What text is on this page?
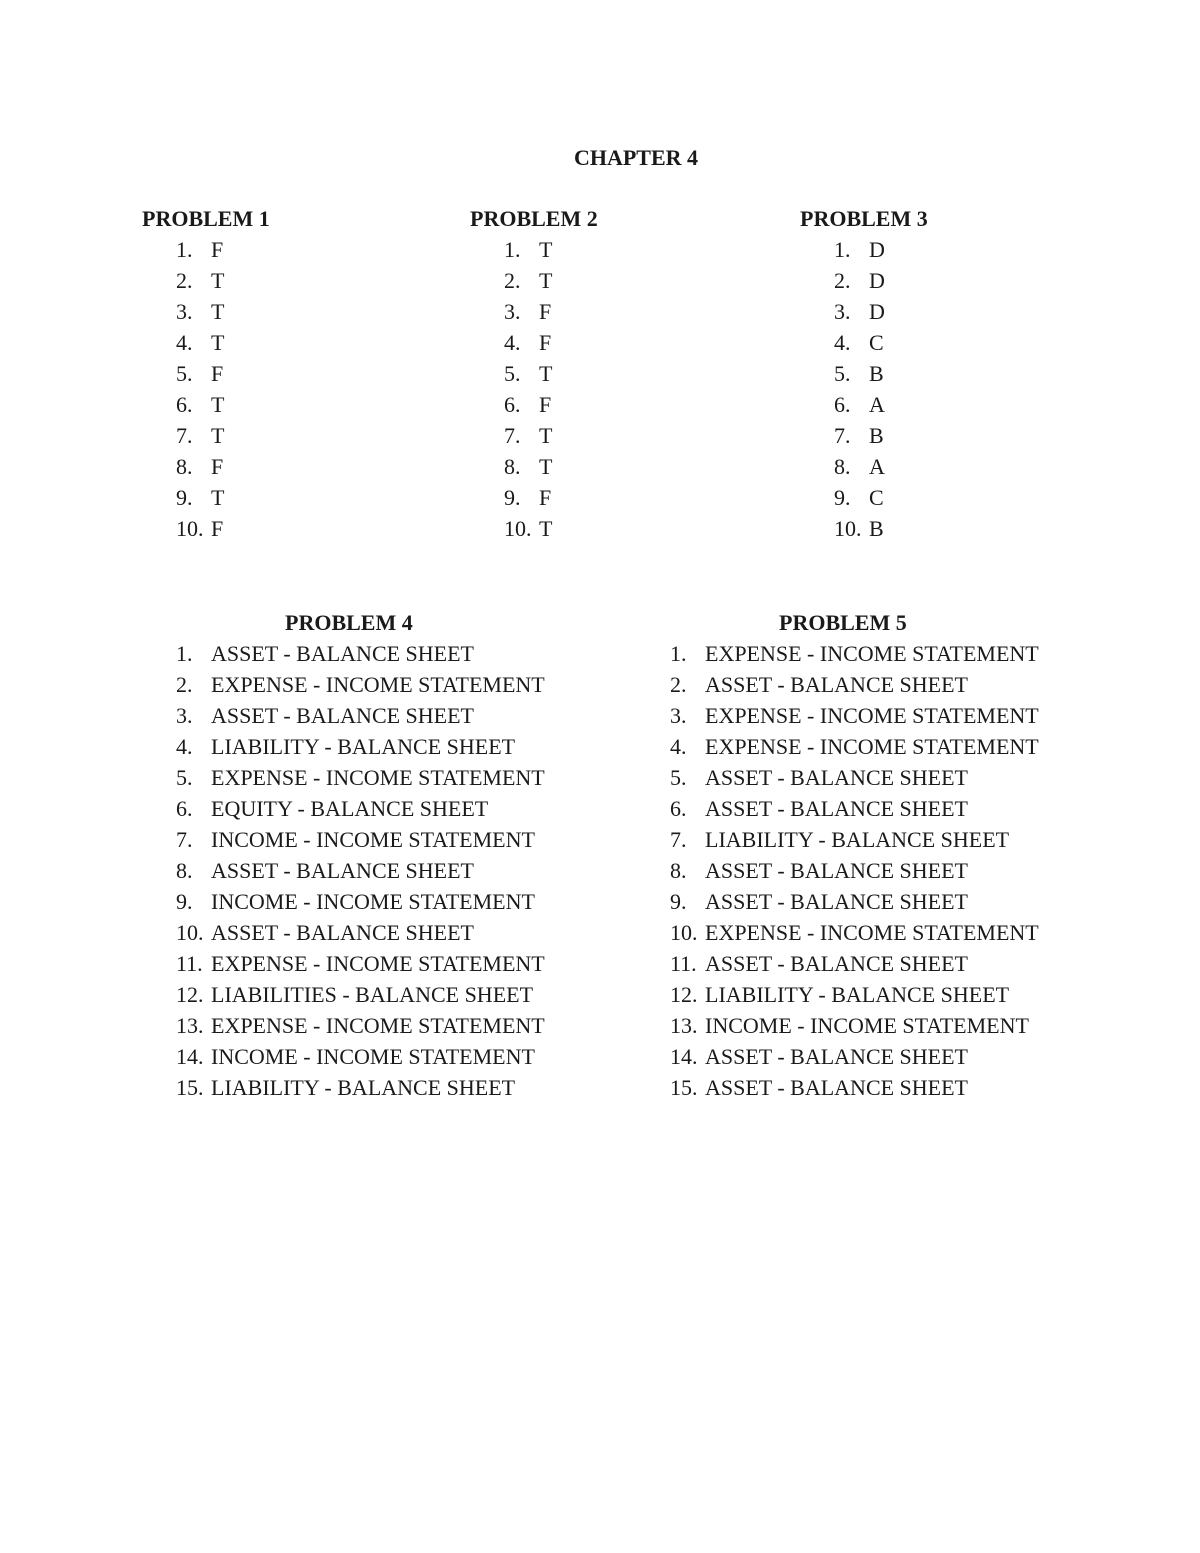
CHAPTER 4
PROBLEM 1
1. F
2. T
3. T
4. T
5. F
6. T
7. T
8. F
9. T
10. F
PROBLEM 2
1. T
2. T
3. F
4. F
5. T
6. F
7. T
8. T
9. F
10. T
PROBLEM 3
1. D
2. D
3. D
4. C
5. B
6. A
7. B
8. A
9. C
10. B
PROBLEM 4
1. ASSET - BALANCE SHEET
2. EXPENSE - INCOME STATEMENT
3. ASSET - BALANCE SHEET
4. LIABILITY - BALANCE SHEET
5. EXPENSE - INCOME STATEMENT
6. EQUITY - BALANCE SHEET
7. INCOME - INCOME STATEMENT
8. ASSET - BALANCE SHEET
9. INCOME - INCOME STATEMENT
10. ASSET - BALANCE SHEET
11. EXPENSE - INCOME STATEMENT
12. LIABILITIES - BALANCE SHEET
13. EXPENSE - INCOME STATEMENT
14. INCOME - INCOME STATEMENT
15. LIABILITY - BALANCE SHEET
PROBLEM 5
1. EXPENSE - INCOME STATEMENT
2. ASSET - BALANCE SHEET
3. EXPENSE - INCOME STATEMENT
4. EXPENSE - INCOME STATEMENT
5. ASSET - BALANCE SHEET
6. ASSET - BALANCE SHEET
7. LIABILITY - BALANCE SHEET
8. ASSET - BALANCE SHEET
9. ASSET - BALANCE SHEET
10. EXPENSE - INCOME STATEMENT
11. ASSET - BALANCE SHEET
12. LIABILITY - BALANCE SHEET
13. INCOME - INCOME STATEMENT
14. ASSET - BALANCE SHEET
15. ASSET - BALANCE SHEET
